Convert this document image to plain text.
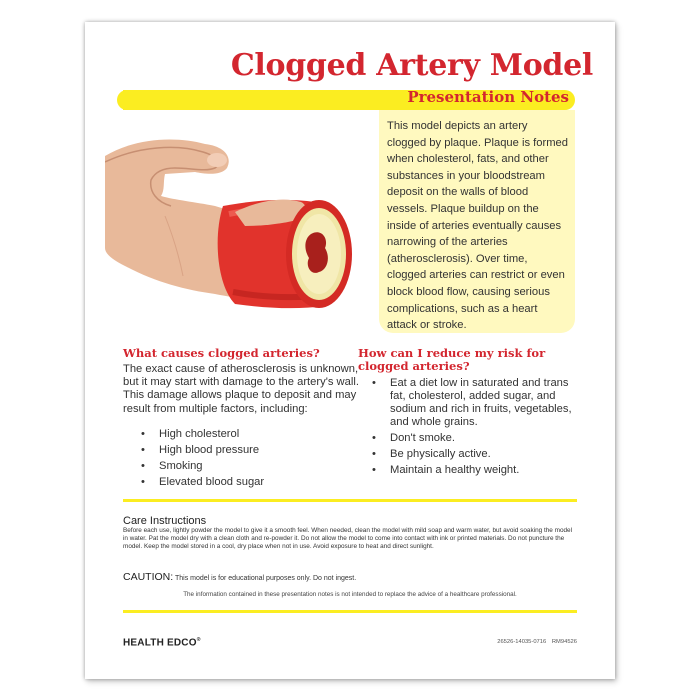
Clogged Artery Model
Presentation Notes
This model depicts an artery clogged by plaque. Plaque is formed when cholesterol, fats, and other substances in your bloodstream deposit on the walls of blood vessels. Plaque buildup on the inside of arteries eventually causes narrowing of the arteries (atherosclerosis). Over time, clogged arteries can restrict or even block blood flow, causing serious complications, such as a heart attack or stroke.
What causes clogged arteries?
The exact cause of atherosclerosis is unknown, but it may start with damage to the artery's wall. This damage allows plaque to deposit and may result from multiple factors, including:
• High cholesterol
• High blood pressure
• Smoking
• Elevated blood sugar
How can I reduce my risk for clogged arteries?
• Eat a diet low in saturated and trans fat, cholesterol, added sugar, and sodium and rich in fruits, vegetables, and whole grains.
• Don't smoke.
• Be physically active.
• Maintain a healthy weight.
Care Instructions
Before each use, lightly powder the model to give it a smooth feel. When needed, clean the model with mild soap and warm water, but avoid soaking the model in water. Pat the model dry with a clean cloth and re-powder it. Do not allow the model to come into contact with ink or printed materials. Do not puncture the model. Keep the model stored in a cool, dry place when not in use. Avoid exposure to heat and direct sunlight.
CAUTION: This model is for educational purposes only. Do not ingest.
The information contained in these presentation notes is not intended to replace the advice of a healthcare professional.
HEALTH EDCO®	26526-14035-0716 RM94526
